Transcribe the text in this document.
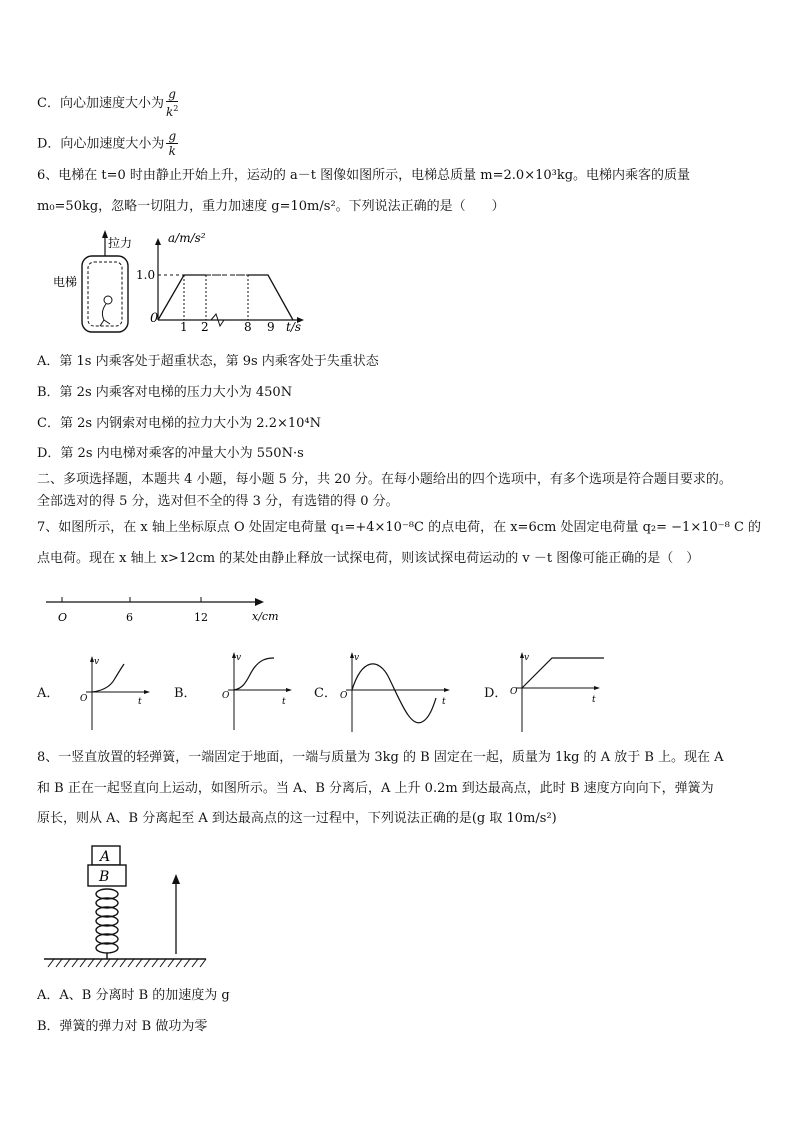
C．向心加速度大小为 $\frac{g}{k^2}$
D．向心加速度大小为 $\frac{g}{k}$
6、电梯在 t=0 时由静止开始上升，运动的 a－t 图像如图所示，电梯总质量 m=2.0×10³kg。电梯内乘客的质量
m₀=50kg，忽略一切阻力，重力加速度 g=10m/s²。下列说法正确的是（　　）
拉力
电梯
a/m/s²
1.0
0
1 2	8 9 t/s
A．第 1s 内乘客处于超重状态，第 9s 内乘客处于失重状态
B．第 2s 内乘客对电梯的压力大小为 450N
C．第 2s 内钢索对电梯的拉力大小为 2.2×10⁴N
D．第 2s 内电梯对乘客的冲量大小为 550N·s
二、多项选择题，本题共 4 小题，每小题 5 分，共 20 分。在每小题给出的四个选项中，有多个选项是符合题目要求的。
全部选对的得 5 分，选对但不全的得 3 分，有选错的得 0 分。
7、如图所示，在 x 轴上坐标原点 O 处固定电荷量 q₁=+4×10⁻⁸C 的点电荷，在 x=6cm 处固定电荷量 q₂= −1×10⁻⁸ C 的
点电荷。现在 x 轴上 x>12cm 的某处由静止释放一试探电荷，则该试探电荷运动的 v －t 图像可能正确的是（　）
O	6	12	x/cm
A．
v
O	t
B．
v
O
t
C．
v
O
t
D．
v
O
t
8、一竖直放置的轻弹簧，一端固定于地面，一端与质量为 3kg 的 B 固定在一起，质量为 1kg 的 A 放于 B 上。现在 A
和 B 正在一起竖直向上运动，如图所示。当 A、B 分离后，A 上升 0.2m 到达最高点，此时 B 速度方向向下，弹簧为
原长，则从 A、B 分离起至 A 到达最高点的这一过程中，下列说法正确的是(g 取 10m/s²)
A
B
A．A、B 分离时 B 的加速度为 g
B．弹簧的弹力对 B 做功为零
